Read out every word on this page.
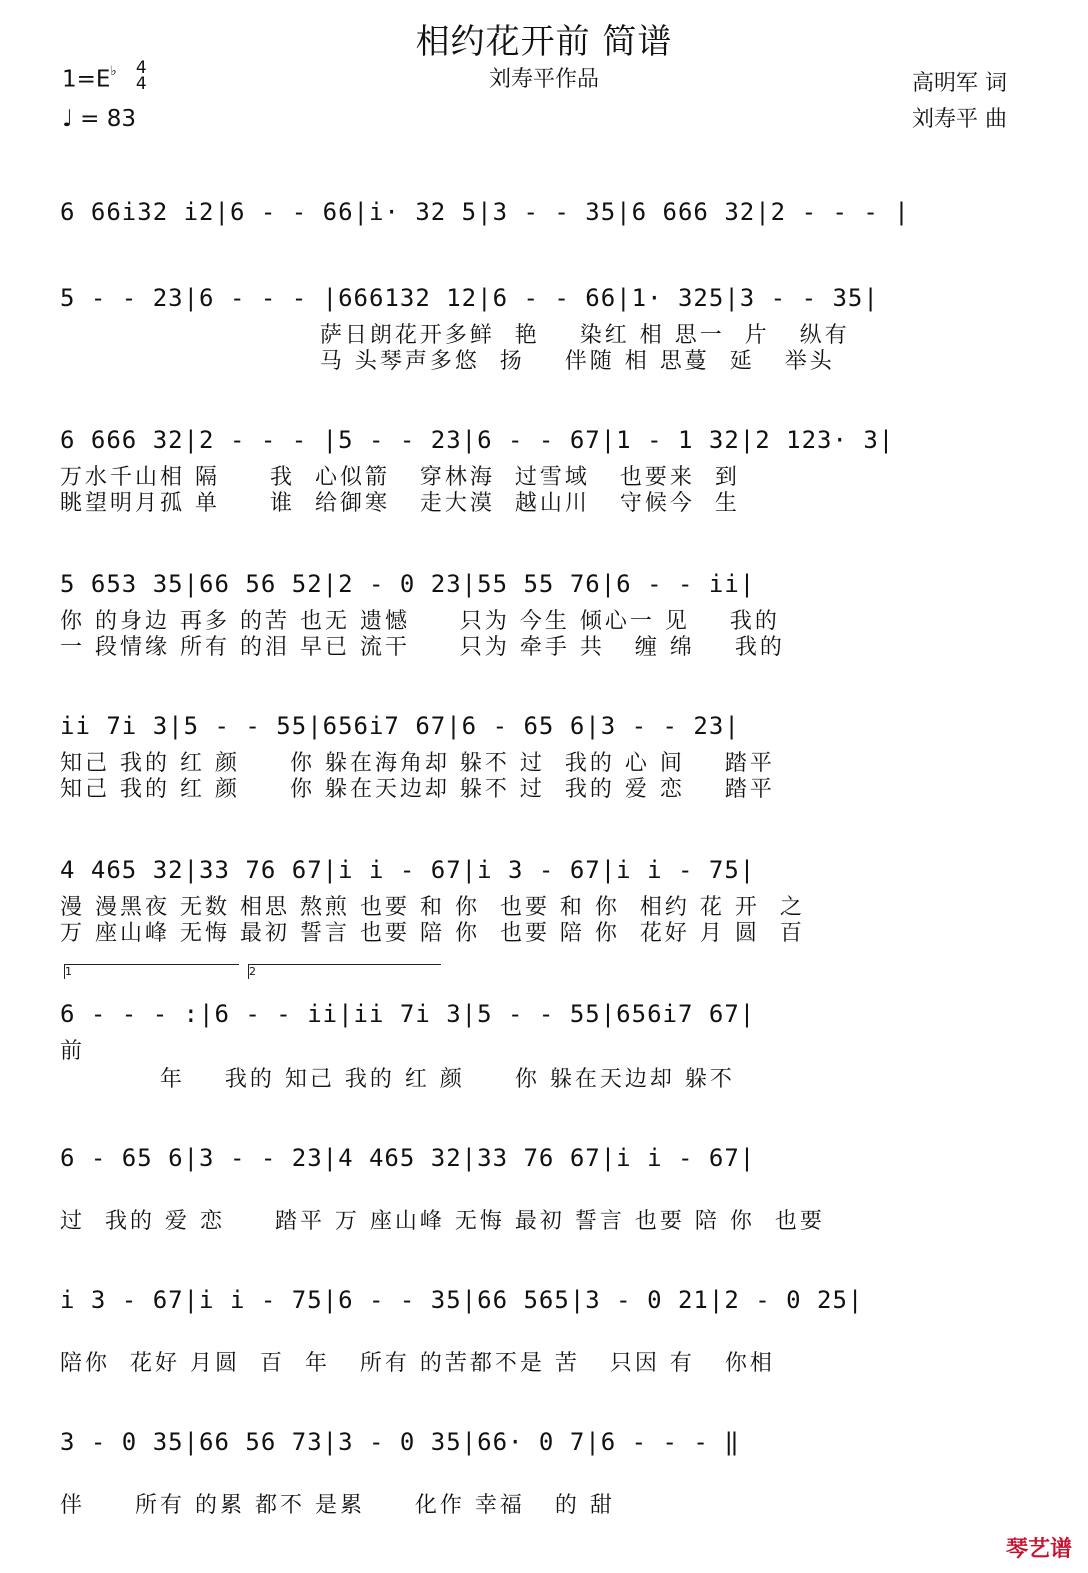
相约花开前 简谱
刘寿平作品
1=E♭ 4
4
♩ = 83
高明军 词
刘寿平 曲
6 66i32 i2|6 - - 66|i· 32 5|3 - - 35|6 666 32|2 - - - |
5 - - 23|6 - - - |666132 12|6 - - 66|1· 325|3 - - 35|
萨日朗花开多鲜  艳    染红 相 思一  片   纵有
马 头琴声多悠  扬    伴随 相 思蔓  延   举头
6 666 32|2 - - - |5 - - 23|6 - - 67|1 - 1 32|2 123· 3|
万水千山相 隔     我  心似箭   穿林海  过雪域   也要来  到
眺望明月孤 单     谁  给御寒   走大漠  越山川   守候今  生
5 653 35|66 56 52|2 - 0 23|55 55 76|6 - - ii|
你 的身边 再多 的苦 也无 遗憾     只为 今生 倾心一 见    我的
一 段情缘 所有 的泪 早已 流干     只为 牵手 共   缠 绵    我的
ii 7i 3|5 - - 55|656i7 67|6 - 65 6|3 - - 23|
知己 我的 红 颜     你 躲在海角却 躲不 过  我的 心 间    踏平
知己 我的 红 颜     你 躲在天边却 躲不 过  我的 爱 恋    踏平
4 465 32|33 76 67|i i - 67|i 3 - 67|i i - 75|
漫 漫黑夜 无数 相思 熬煎 也要 和 你  也要 和 你  相约 花 开  之
万 座山峰 无悔 最初 誓言 也要 陪 你  也要 陪 你  花好 月 圆  百
1	2
6 - - - :|6 - - ii|ii 7i 3|5 - - 55|656i7 67|
前
年    我的 知己 我的 红 颜     你 躲在天边却 躲不
6 - 65 6|3 - - 23|4 465 32|33 76 67|i i - 67|
过  我的 爱 恋     踏平 万 座山峰 无悔 最初 誓言 也要 陪 你  也要
i 3 - 67|i i - 75|6 - - 35|66 565|3 - 0 21|2 - 0 25|
陪你  花好 月圆  百  年   所有 的苦都不是 苦   只因 有   你相
3 - 0 35|66 56 73|3 - 0 35|66· 0 7|6 - - - ‖
伴     所有 的累 都不 是累     化作 幸福   的 甜
琴艺谱
